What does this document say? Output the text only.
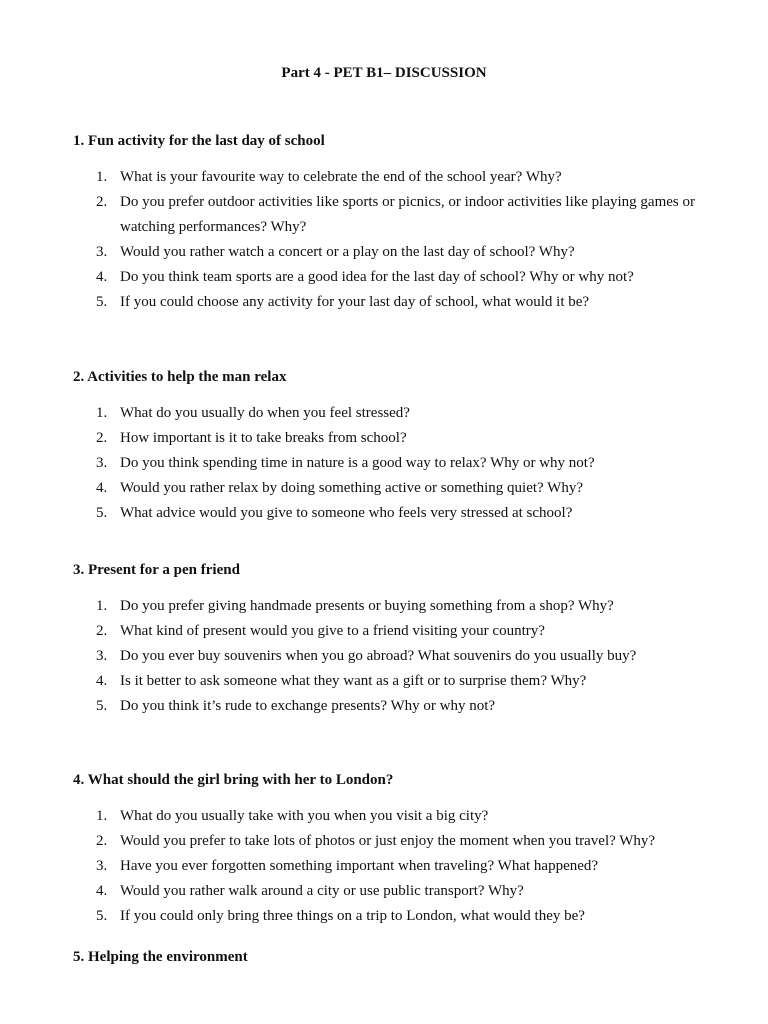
Part 4 - PET B1– DISCUSSION

1. Fun activity for the last day of school

1. What is your favourite way to celebrate the end of the school year? Why?
2. Do you prefer outdoor activities like sports or picnics, or indoor activities like playing games or watching performances? Why?
3. Would you rather watch a concert or a play on the last day of school? Why?
4. Do you think team sports are a good idea for the last day of school? Why or why not?
5. If you could choose any activity for your last day of school, what would it be?

2. Activities to help the man relax

1. What do you usually do when you feel stressed?
2. How important is it to take breaks from school?
3. Do you think spending time in nature is a good way to relax? Why or why not?
4. Would you rather relax by doing something active or something quiet? Why?
5. What advice would you give to someone who feels very stressed at school?

3. Present for a pen friend

1. Do you prefer giving handmade presents or buying something from a shop? Why?
2. What kind of present would you give to a friend visiting your country?
3. Do you ever buy souvenirs when you go abroad? What souvenirs do you usually buy?
4. Is it better to ask someone what they want as a gift or to surprise them? Why?
5. Do you think it’s rude to exchange presents? Why or why not?

4. What should the girl bring with her to London?

1. What do you usually take with you when you visit a big city?
2. Would you prefer to take lots of photos or just enjoy the moment when you travel? Why?
3. Have you ever forgotten something important when traveling? What happened?
4. Would you rather walk around a city or use public transport? Why?
5. If you could only bring three things on a trip to London, what would they be?

5. Helping the environment
